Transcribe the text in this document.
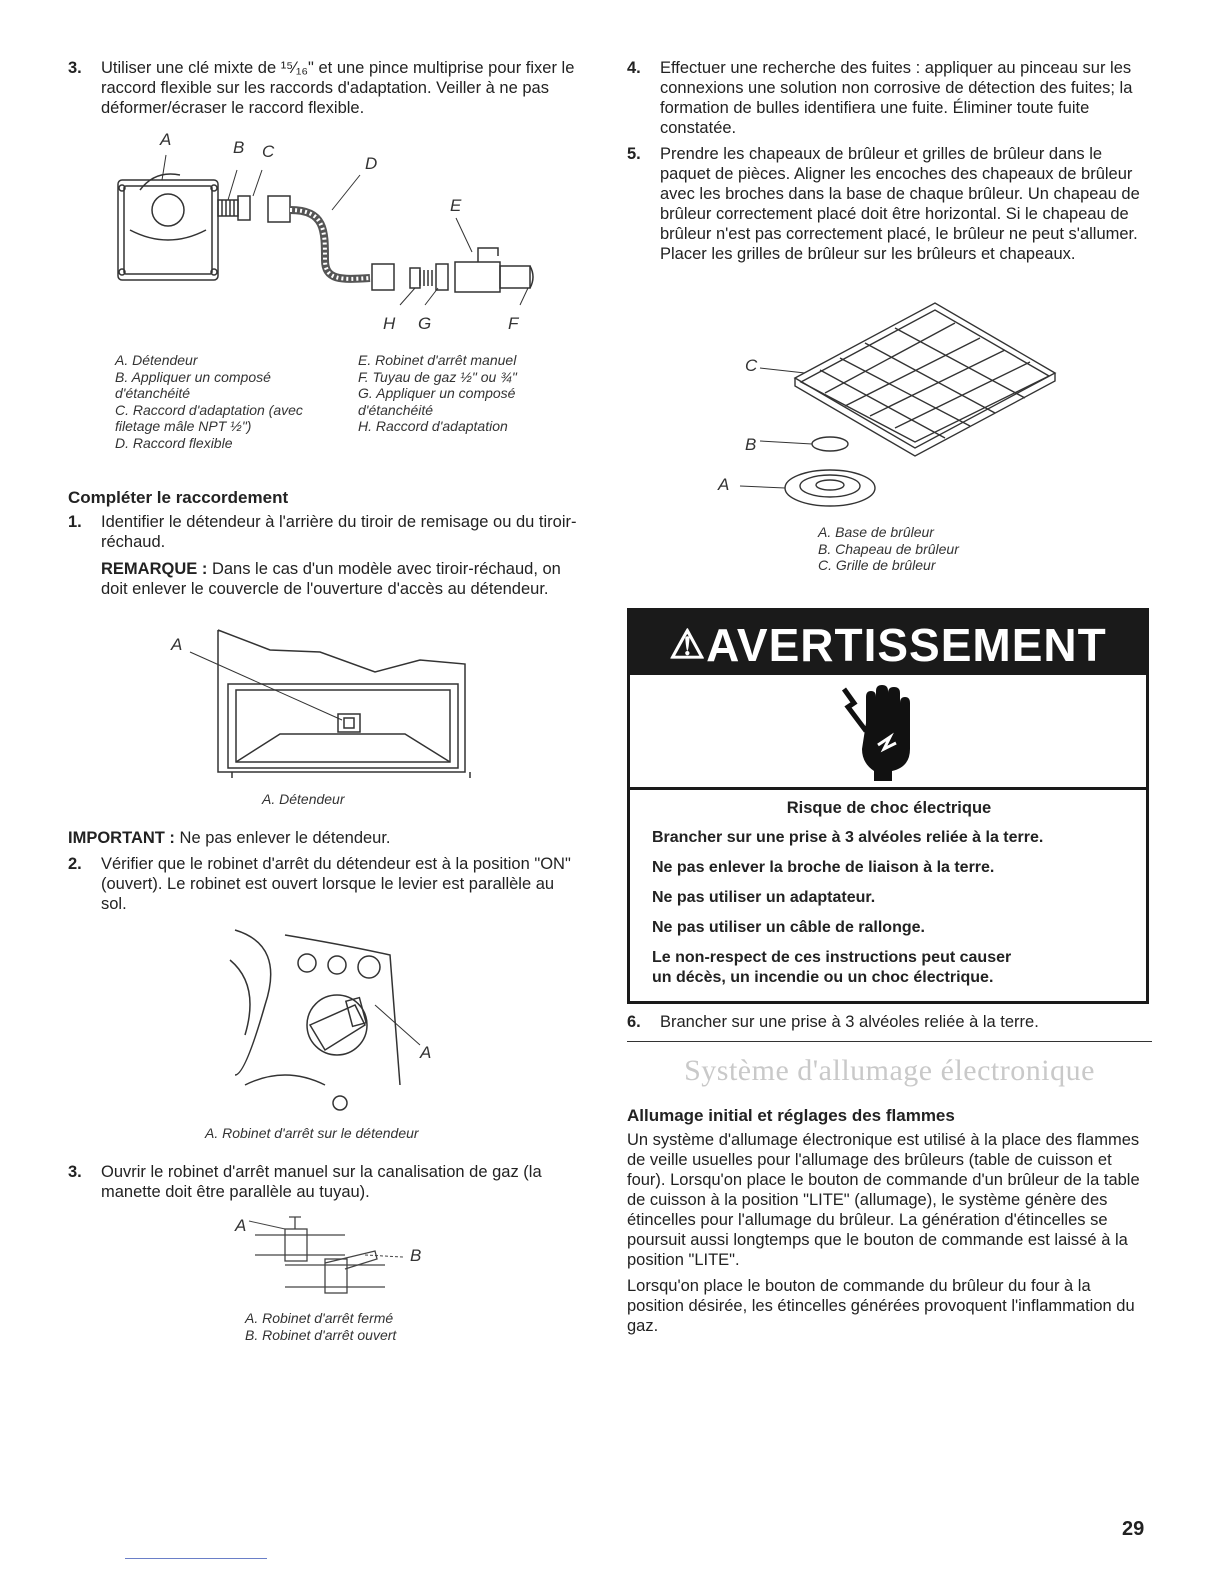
3. Utiliser une clé mixte de ¹⁵⁄₁₆" et une pince multiprise pour fixer le raccord flexible sur les raccords d'adaptation. Veiller à ne pas déformer/écraser le raccord flexible.
A	B C
D
E
F
G
H
A. Détendeur
B. Appliquer un composé d'étanchéité
C. Raccord d'adaptation (avec filetage mâle NPT ½")
D. Raccord flexible
E. Robinet d'arrêt manuel
F. Tuyau de gaz ½" ou ¾"
G. Appliquer un composé d'étanchéité
H. Raccord d'adaptation
Compléter le raccordement
1. Identifier le détendeur à l'arrière du tiroir de remisage ou du tiroir-réchaud.
REMARQUE : Dans le cas d'un modèle avec tiroir-réchaud, on doit enlever le couvercle de l'ouverture d'accès au détendeur.
A
A. Détendeur
IMPORTANT : Ne pas enlever le détendeur.
2. Vérifier que le robinet d'arrêt du détendeur est à la position "ON" (ouvert). Le robinet est ouvert lorsque le levier est parallèle au sol.
A
A. Robinet d'arrêt sur le détendeur
3. Ouvrir le robinet d'arrêt manuel sur la canalisation de gaz (la manette doit être parallèle au tuyau).
A
B
A. Robinet d'arrêt fermé
B. Robinet d'arrêt ouvert
4. Effectuer une recherche des fuites : appliquer au pinceau sur les connexions une solution non corrosive de détection des fuites; la formation de bulles identifiera une fuite. Éliminer toute fuite constatée.
5. Prendre les chapeaux de brûleur et grilles de brûleur dans le paquet de pièces. Aligner les encoches des chapeaux de brûleur avec les broches dans la base de chaque brûleur. Un chapeau de brûleur correctement placé doit être horizontal. Si le chapeau de brûleur n'est pas correctement placé, le brûleur ne peut s'allumer. Placer les grilles de brûleur sur les brûleurs et chapeaux.
C
B
A
A. Base de brûleur
B. Chapeau de brûleur
C. Grille de brûleur
⚠AVERTISSEMENT
Risque de choc électrique
Brancher sur une prise à 3 alvéoles reliée à la terre.
Ne pas enlever la broche de liaison à la terre.
Ne pas utiliser un adaptateur.
Ne pas utiliser un câble de rallonge.
Le non-respect de ces instructions peut causer
un décès, un incendie ou un choc électrique.
6. Brancher sur une prise à 3 alvéoles reliée à la terre.
Système d'allumage électronique
Allumage initial et réglages des flammes
Un système d'allumage électronique est utilisé à la place des flammes de veille usuelles pour l'allumage des brûleurs (table de cuisson et four). Lorsqu'on place le bouton de commande d'un brûleur de la table de cuisson à la position "LITE" (allumage), le système génère des étincelles pour l'allumage du brûleur. La génération d'étincelles se poursuit aussi longtemps que le bouton de commande est laissé à la position "LITE".
Lorsqu'on place le bouton de commande du brûleur du four à la position désirée, les étincelles générées provoquent l'inflammation du gaz.
29
